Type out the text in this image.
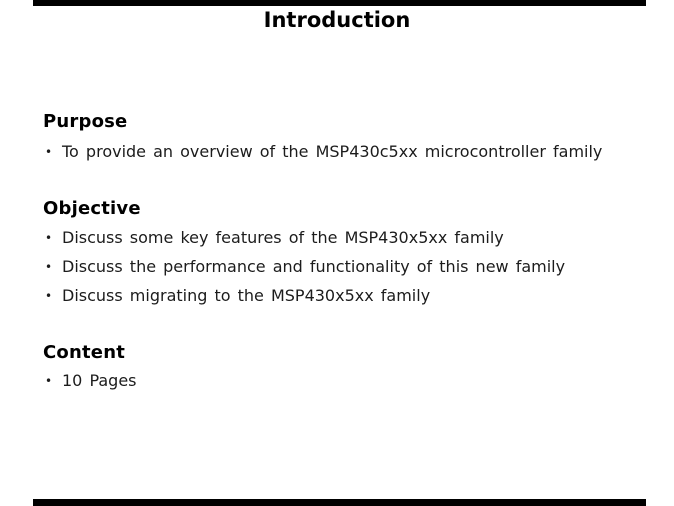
Introduction
Purpose
• To provide an overview of the MSP430c5xx microcontroller family
Objective
• Discuss some key features of the MSP430x5xx family
• Discuss the performance and functionality of this new family
• Discuss migrating to the MSP430x5xx family
Content
• 10 Pages
